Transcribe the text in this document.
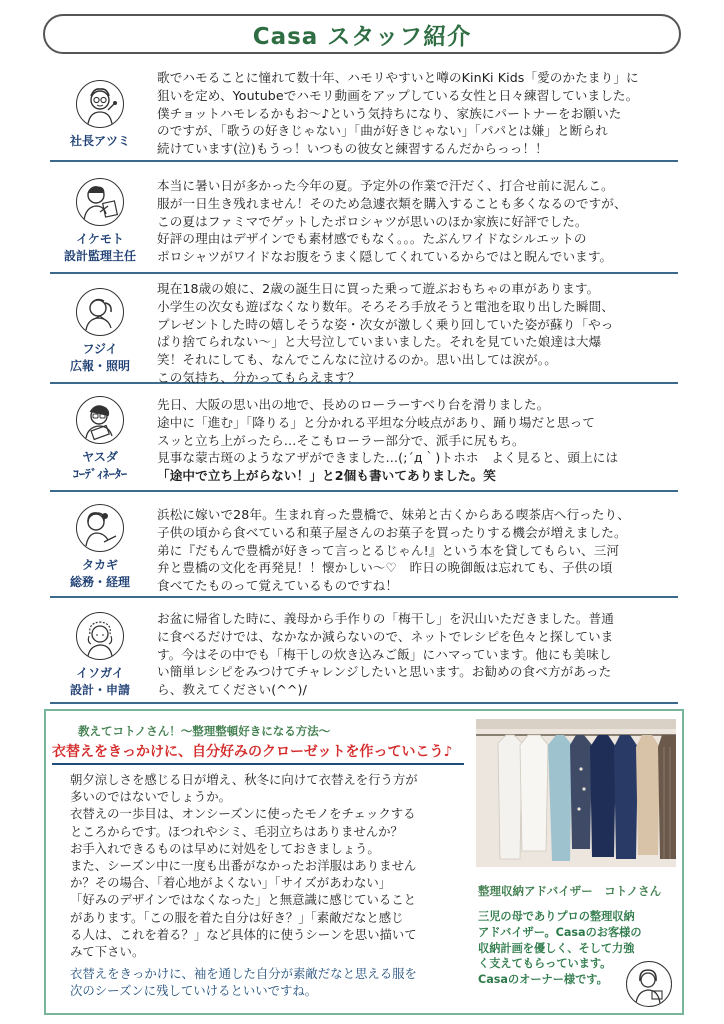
Casa スタッフ紹介
社長アツミ

歌でハモることに憧れて数十年、ハモリやすいと噂のKinKi Kids「愛のかたまり」に

狙いを定め、Youtubeでハモリ動画をアップしている女性と日々練習していました。

僕チョットハモレるかもお～♪という気持ちになり、家族にパートナーをお願いた

のですが、「歌うの好きじゃない」「曲が好きじゃない」「パパとは嫌」と断られ

続けています(泣)もうっ！いつもの彼女と練習するんだからっっ！！

イケモト
設計監理主任

本当に暑い日が多かった今年の夏。予定外の作業で汗だく、打合せ前に泥んこ。

服が一日生き残れません！そのため急遽衣類を購入することも多くなるのですが、

この夏はファミマでゲットしたポロシャツが思いのほか家族に好評でした。

好評の理由はデザインでも素材感でもなく。。。たぶんワイドなシルエットの

ポロシャツがワイドなお腹をうまく隠してくれているからではと睨んでいます。

フジイ
広報・照明

現在18歳の娘に、2歳の誕生日に買った乗って遊ぶおもちゃの車があります。

小学生の次女も遊ばなくなり数年。そろそろ手放そうと電池を取り出した瞬間、

プレゼントした時の嬉しそうな姿・次女が激しく乗り回していた姿が蘇り「やっ

ぱり捨てられない～」と大号泣していまいました。それを見ていた娘達は大爆

笑！それにしても、なんでこんなに泣けるのか。思い出しては涙が。。

この気持ち、分かってもらえます？

ヤスダ
ｺｰﾃﾞｨﾈｰﾀｰ

先日、大阪の思い出の地で、長めのローラーすべり台を滑りました。

途中に「進む」「降りる」と分かれる平坦な分岐点があり、踊り場だと思って

スッと立ち上がったら…そこもローラー部分で、派手に尻もち。

見事な蒙古斑のようなアザができました…(;´д｀)トホホ　よく見ると、頭上には

「途中で立ち上がらない！」と2個も書いてありました。笑

タカギ
総務・経理

浜松に嫁いで28年。生まれ育った豊橋で、妹弟と古くからある喫茶店へ行ったり、

子供の頃から食べている和菓子屋さんのお菓子を買ったりする機会が増えました。

弟に『だもんで豊橋が好きって言っとるじゃん!』という本を貸してもらい、三河

弁と豊橋の文化を再発見！！懐かしい～♡　昨日の晩御飯は忘れても、子供の頃

食べてたものって覚えているものですね！

イソガイ
設計・申請

お盆に帰省した時に、義母から手作りの「梅干し」を沢山いただきました。普通

に食べるだけでは、なかなか減らないので、ネットでレシピを色々と探していま

す。今はその中でも「梅干しの炊き込みご飯」にハマっています。他にも美味し

い簡単レシピをみつけてチャレンジしたいと思います。お勧めの食べ方があった

ら、教えてください(^^)/

教えてコトノさん！～整理整頓好きになる方法～
衣替えをきっかけに、自分好みのクローゼットを作っていこう♪

朝夕涼しさを感じる日が増え、秋冬に向けて衣替えを行う方が

多いのではないでしょうか。

衣替えの一歩目は、オンシーズンに使ったモノをチェックする

ところからです。ほつれやシミ、毛羽立ちはありませんか？

お手入れできるものは早めに対処をしておきましょう。

また、シーズン中に一度も出番がなかったお洋服はありません

か？その場合、「着心地がよくない」「サイズがあわない」

「好みのデザインではなくなった」と無意識に感じていること

があります。「この服を着た自分は好き？」「素敵だなと感じ

る人は、これを着る？」など具体的に使うシーンを思い描いて

みて下さい。

衣替えをきっかけに、袖を通した自分が素敵だなと思える服を

次のシーズンに残していけるといいですね。

整理収納アドバイザー　コトノさん

三児の母でありプロの整理収納

アドバイザー。Casaのお客様の

収納計画を優しく、そして力強

く支えてもらっています。

Casaのオーナー様です。
